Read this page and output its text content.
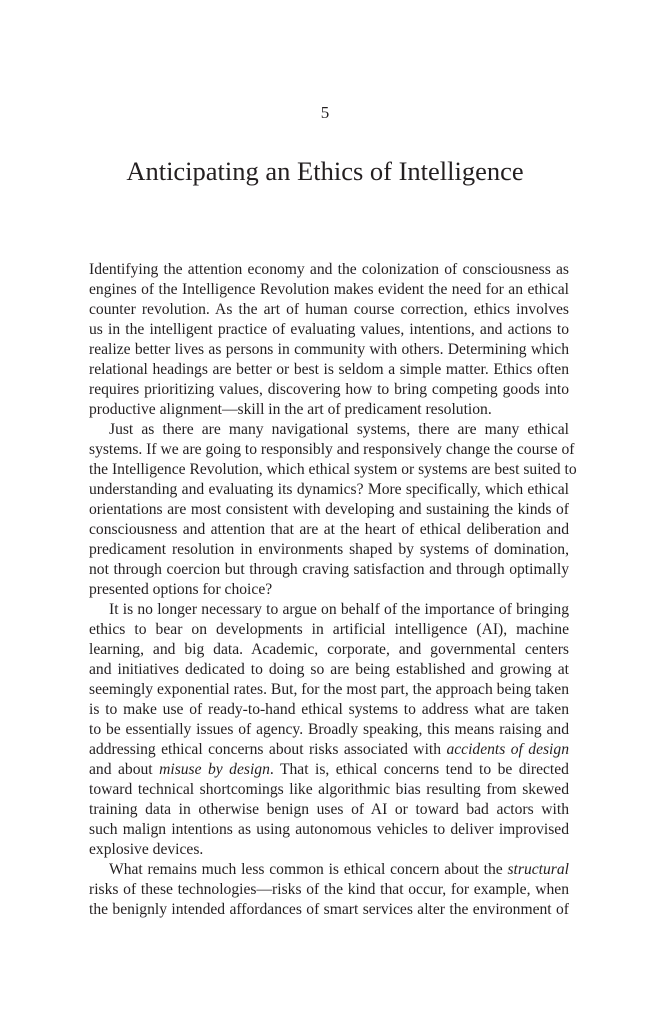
5
Anticipating an Ethics of Intelligence
Identifying the attention economy and the colonization of consciousness as
engines of the Intelligence Revolution makes evident the need for an ethical
counter revolution. As the art of human course correction, ethics involves
us in the intelligent practice of evaluating values, intentions, and actions to
realize better lives as persons in community with others. Determining which
relational headings are better or best is seldom a simple matter. Ethics often
requires prioritizing values, discovering how to bring competing goods into
productive alignment—skill in the art of predicament resolution.
Just as there are many navigational systems, there are many ethical
systems. If we are going to responsibly and responsively change the course of
the Intelligence Revolution, which ethical system or systems are best suited to
understanding and evaluating its dynamics? More specifically, which ethical
orientations are most consistent with developing and sustaining the kinds of
consciousness and attention that are at the heart of ethical deliberation and
predicament resolution in environments shaped by systems of domination,
not through coercion but through craving satisfaction and through optimally
presented options for choice?
It is no longer necessary to argue on behalf of the importance of bringing
ethics to bear on developments in artificial intelligence (AI), machine
learning, and big data. Academic, corporate, and governmental centers
and initiatives dedicated to doing so are being established and growing at
seemingly exponential rates. But, for the most part, the approach being taken
is to make use of ready-to-hand ethical systems to address what are taken
to be essentially issues of agency. Broadly speaking, this means raising and
addressing ethical concerns about risks associated with accidents of design
and about misuse by design. That is, ethical concerns tend to be directed
toward technical shortcomings like algorithmic bias resulting from skewed
training data in otherwise benign uses of AI or toward bad actors with
such malign intentions as using autonomous vehicles to deliver improvised
explosive devices.
What remains much less common is ethical concern about the structural
risks of these technologies—risks of the kind that occur, for example, when
the benignly intended affordances of smart services alter the environment of
